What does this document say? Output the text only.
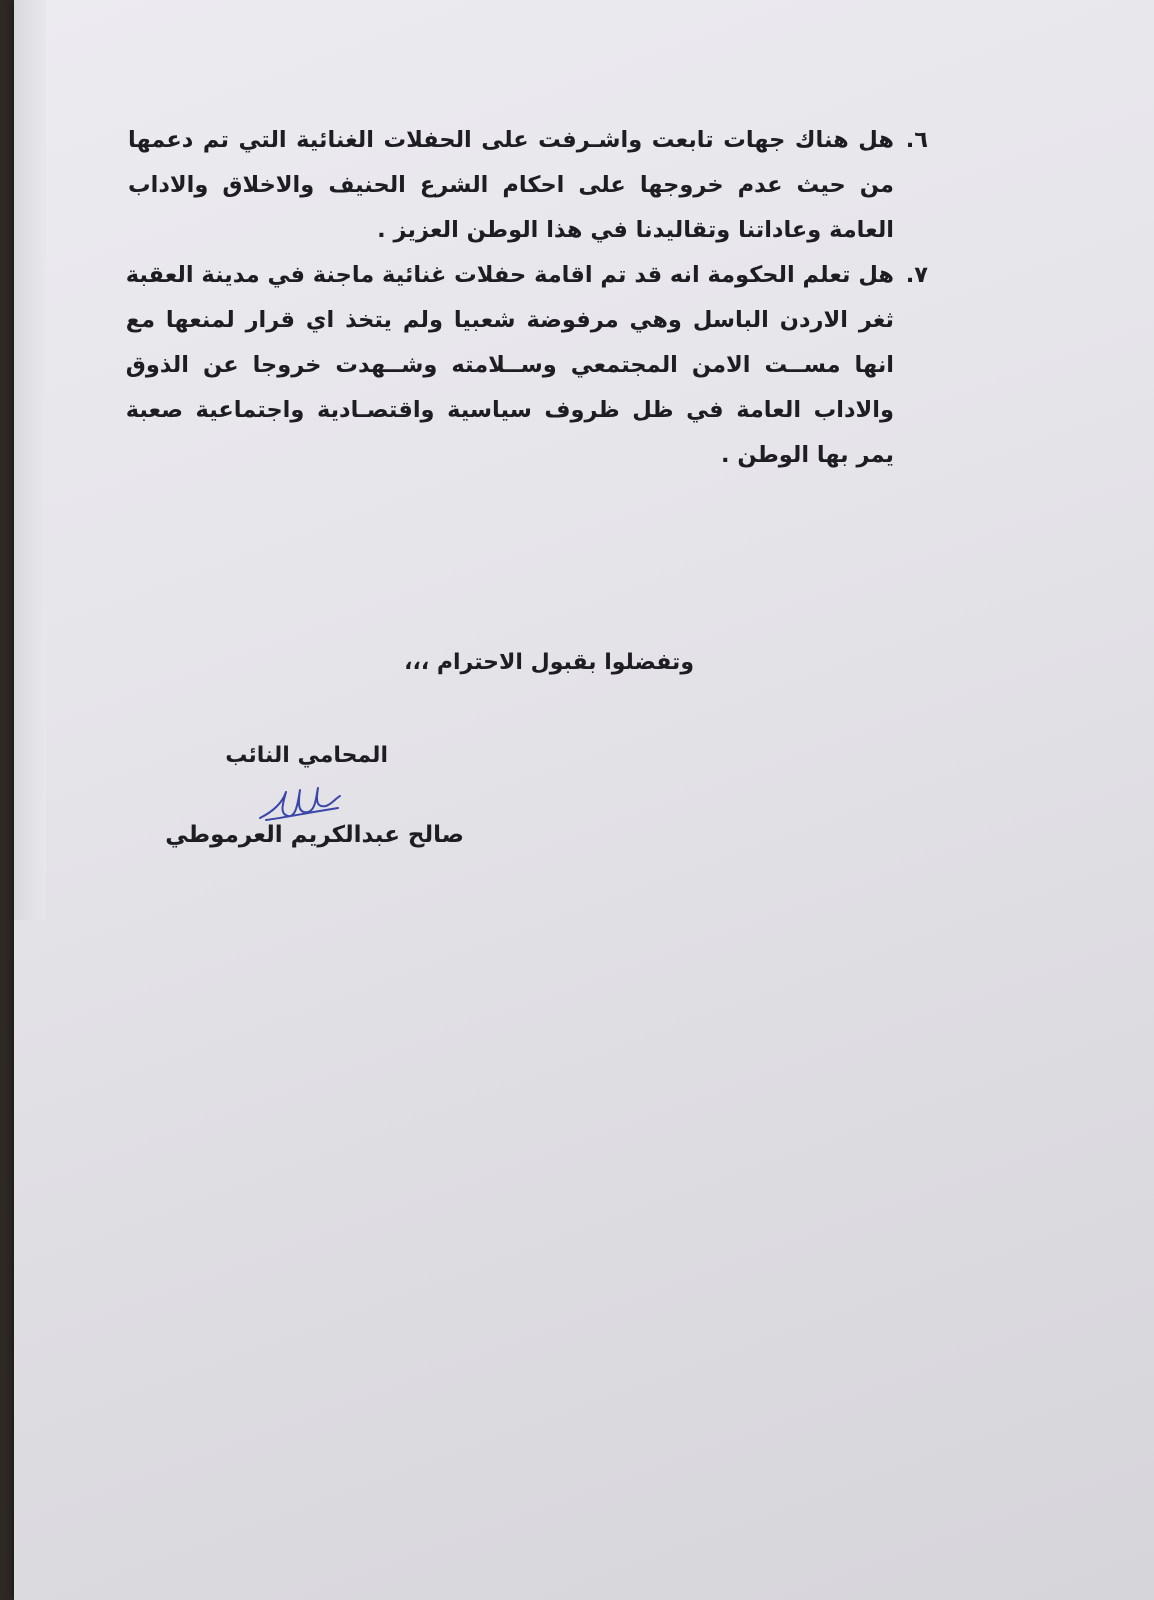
٦.
هل هناك جهات تابعت واشـرفت على الحفلات الغنائية التي تم دعمها
من حيث عدم خروجها على احكام الشرع الحنيف والاخلاق والاداب
العامة وعاداتنا وتقاليدنا في هذا الوطن العزيز .
٧.
هل تعلم الحكومة انه قد تم اقامة حفلات غنائية ماجنة في مدينة العقبة
ثغر الاردن الباسل وهي مرفوضة شعبيا ولم يتخذ اي قرار لمنعها مع
انها مســت الامن المجتمعي وســلامته وشــهدت خروجا عن الذوق
والاداب العامة في ظل ظروف سياسية واقتصـادية واجتماعية صعبة
يمر بها الوطن .
وتفضلوا بقبول الاحترام ،،،
المحامي النائب
صالح عبدالكريم العرموطي
